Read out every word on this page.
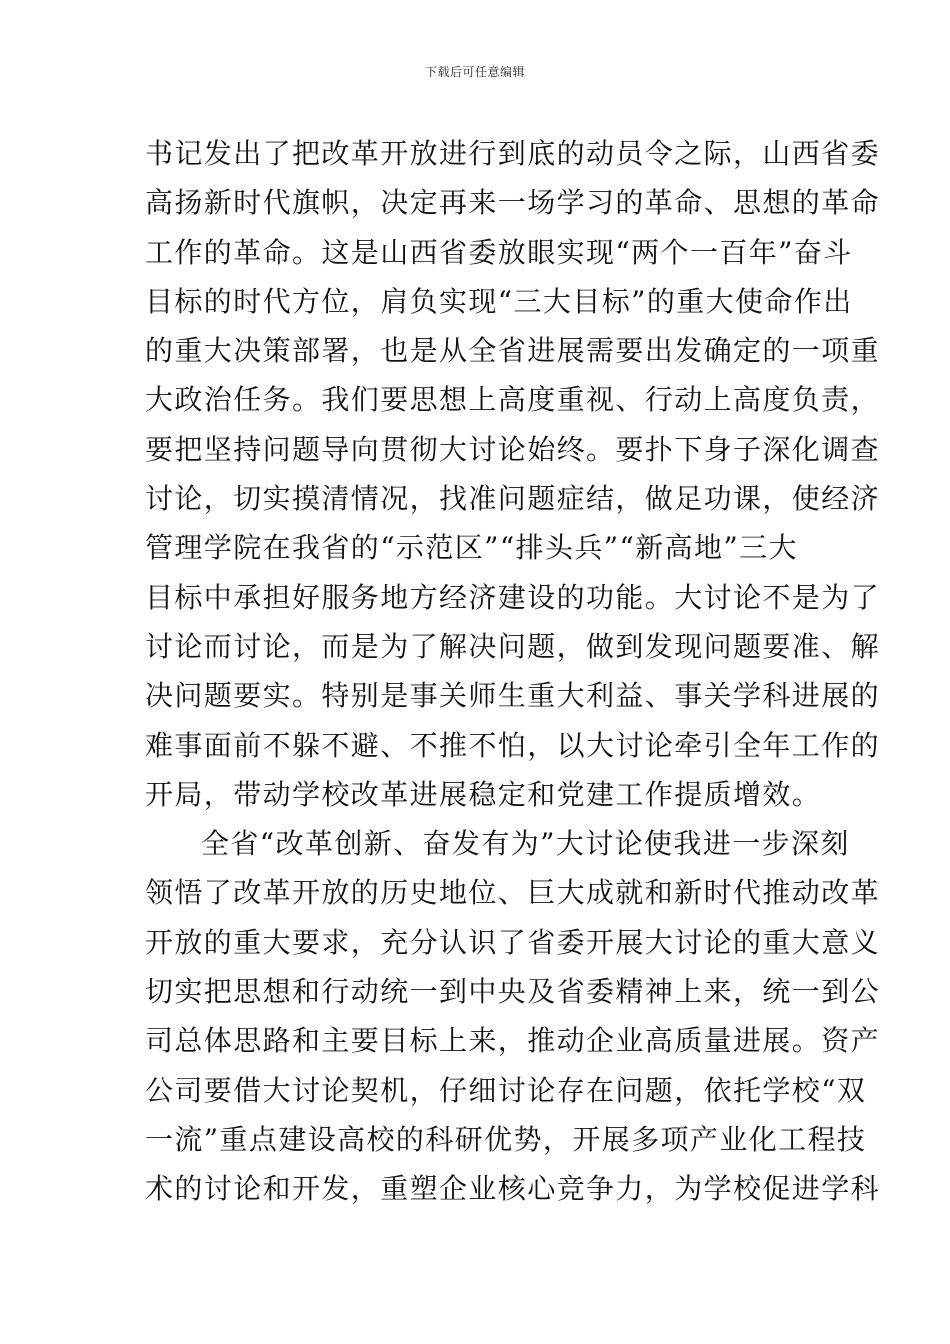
下载后可任意编辑
书记发出了把改革开放进行到底的动员令之际，山西省委
高扬新时代旗帜，决定再来一场学习的革命、思想的革命
工作的革命。这是山西省委放眼实现“两个一百年”奋斗
目标的时代方位，肩负实现“三大目标”的重大使命作出
的重大决策部署，也是从全省进展需要出发确定的一项重
大政治任务。我们要思想上高度重视、行动上高度负责，
要把坚持问题导向贯彻大讨论始终。要扑下身子深化调查
讨论，切实摸清情况，找准问题症结，做足功课，使经济
管理学院在我省的“示范区”“排头兵”“新高地”三大
目标中承担好服务地方经济建设的功能。大讨论不是为了
讨论而讨论，而是为了解决问题，做到发现问题要准、解
决问题要实。特别是事关师生重大利益、事关学科进展的
难事面前不躲不避、不推不怕，以大讨论牵引全年工作的
开局，带动学校改革进展稳定和党建工作提质增效。
全省“改革创新、奋发有为”大讨论使我进一步深刻
领悟了改革开放的历史地位、巨大成就和新时代推动改革
开放的重大要求，充分认识了省委开展大讨论的重大意义
切实把思想和行动统一到中央及省委精神上来，统一到公
司总体思路和主要目标上来，推动企业高质量进展。资产
公司要借大讨论契机，仔细讨论存在问题，依托学校“双
一流”重点建设高校的科研优势，开展多项产业化工程技
术的讨论和开发，重塑企业核心竞争力，为学校促进学科
